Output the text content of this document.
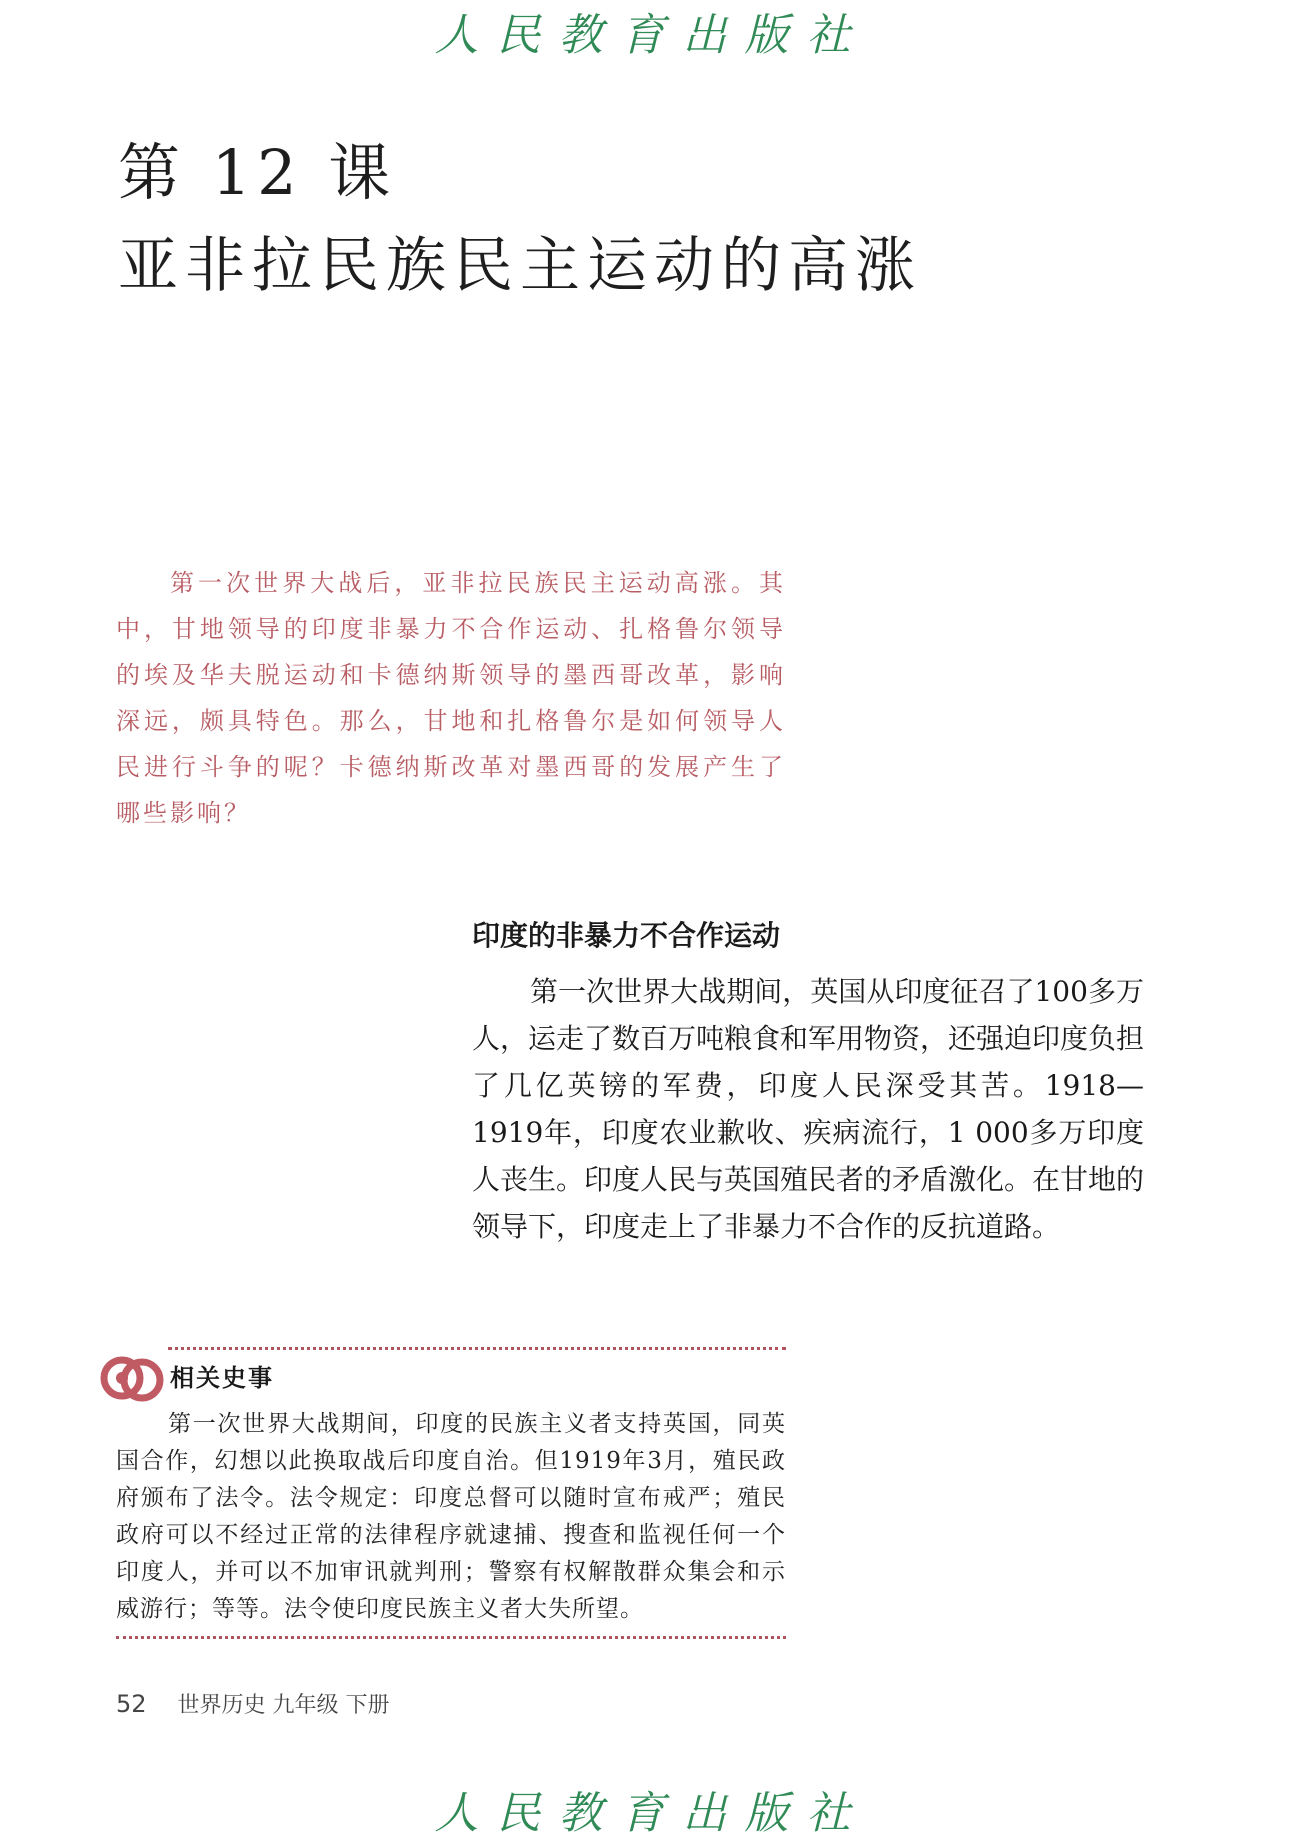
人民教育出版社
第 12 课
亚非拉民族民主运动的高涨
第一次世界大战后，亚非拉民族民主运动高涨。其中，甘地领导的印度非暴力不合作运动、扎格鲁尔领导的埃及华夫脱运动和卡德纳斯领导的墨西哥改革，影响深远，颇具特色。那么，甘地和扎格鲁尔是如何领导人民进行斗争的呢？卡德纳斯改革对墨西哥的发展产生了哪些影响？
印度的非暴力不合作运动
第一次世界大战期间，英国从印度征召了100多万人，运走了数百万吨粮食和军用物资，还强迫印度负担了几亿英镑的军费，印度人民深受其苦。1918—1919年，印度农业歉收、疾病流行，1 000多万印度人丧生。印度人民与英国殖民者的矛盾激化。在甘地的领导下，印度走上了非暴力不合作的反抗道路。
相关史事
第一次世界大战期间，印度的民族主义者支持英国，同英国合作，幻想以此换取战后印度自治。但1919年3月，殖民政府颁布了法令。法令规定：印度总督可以随时宣布戒严；殖民政府可以不经过正常的法律程序就逮捕、搜查和监视任何一个印度人，并可以不加审讯就判刑；警察有权解散群众集会和示威游行；等等。法令使印度民族主义者大失所望。
52 世界历史 九年级 下册
人民教育出版社
